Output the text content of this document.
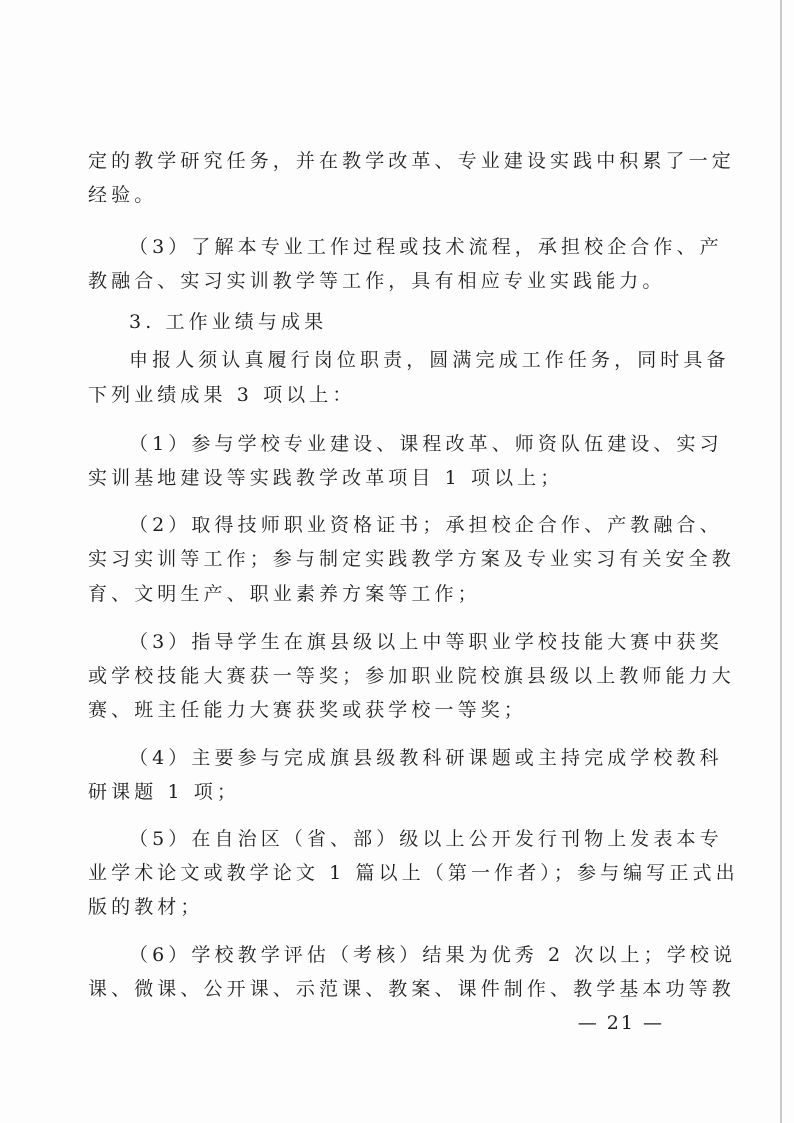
定的教学研究任务，并在教学改革、专业建设实践中积累了一定
经验。
（3）了解本专业工作过程或技术流程，承担校企合作、产
教融合、实习实训教学等工作，具有相应专业实践能力。
3. 工作业绩与成果
申报人须认真履行岗位职责，圆满完成工作任务，同时具备
下列业绩成果 3 项以上：
（1）参与学校专业建设、课程改革、师资队伍建设、实习
实训基地建设等实践教学改革项目 1 项以上；
（2）取得技师职业资格证书；承担校企合作、产教融合、
实习实训等工作；参与制定实践教学方案及专业实习有关安全教
育、文明生产、职业素养方案等工作；
（3）指导学生在旗县级以上中等职业学校技能大赛中获奖
或学校技能大赛获一等奖；参加职业院校旗县级以上教师能力大
赛、班主任能力大赛获奖或获学校一等奖；
（4）主要参与完成旗县级教科研课题或主持完成学校教科
研课题 1 项；
（5）在自治区（省、部）级以上公开发行刊物上发表本专
业学术论文或教学论文 1 篇以上（第一作者）；参与编写正式出
版的教材；
（6）学校教学评估（考核）结果为优秀 2 次以上；学校说
课、微课、公开课、示范课、教案、课件制作、教学基本功等教
— 21 —
